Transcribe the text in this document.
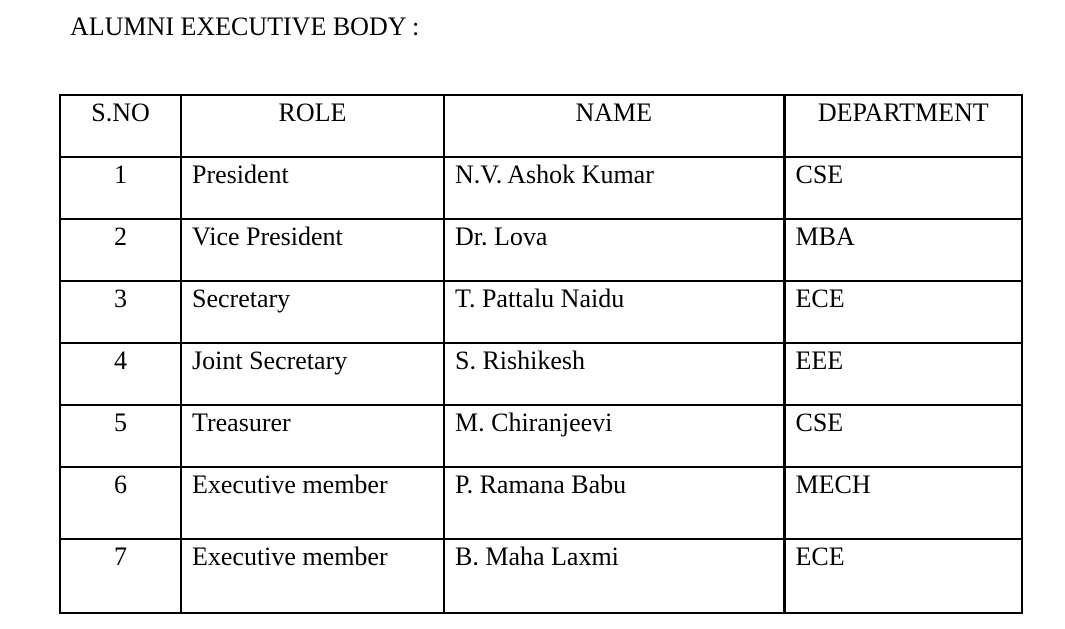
ALUMNI EXECUTIVE BODY :
S.NO	ROLE	NAME	DEPARTMENT
1	President	N.V. Ashok Kumar	CSE
2	Vice President	Dr. Lova	MBA
3	Secretary	T. Pattalu Naidu	ECE
4	Joint Secretary	S. Rishikesh	EEE
5	Treasurer	M. Chiranjeevi	CSE
6	Executive member	P. Ramana Babu	MECH
7	Executive member	B. Maha Laxmi	ECE
